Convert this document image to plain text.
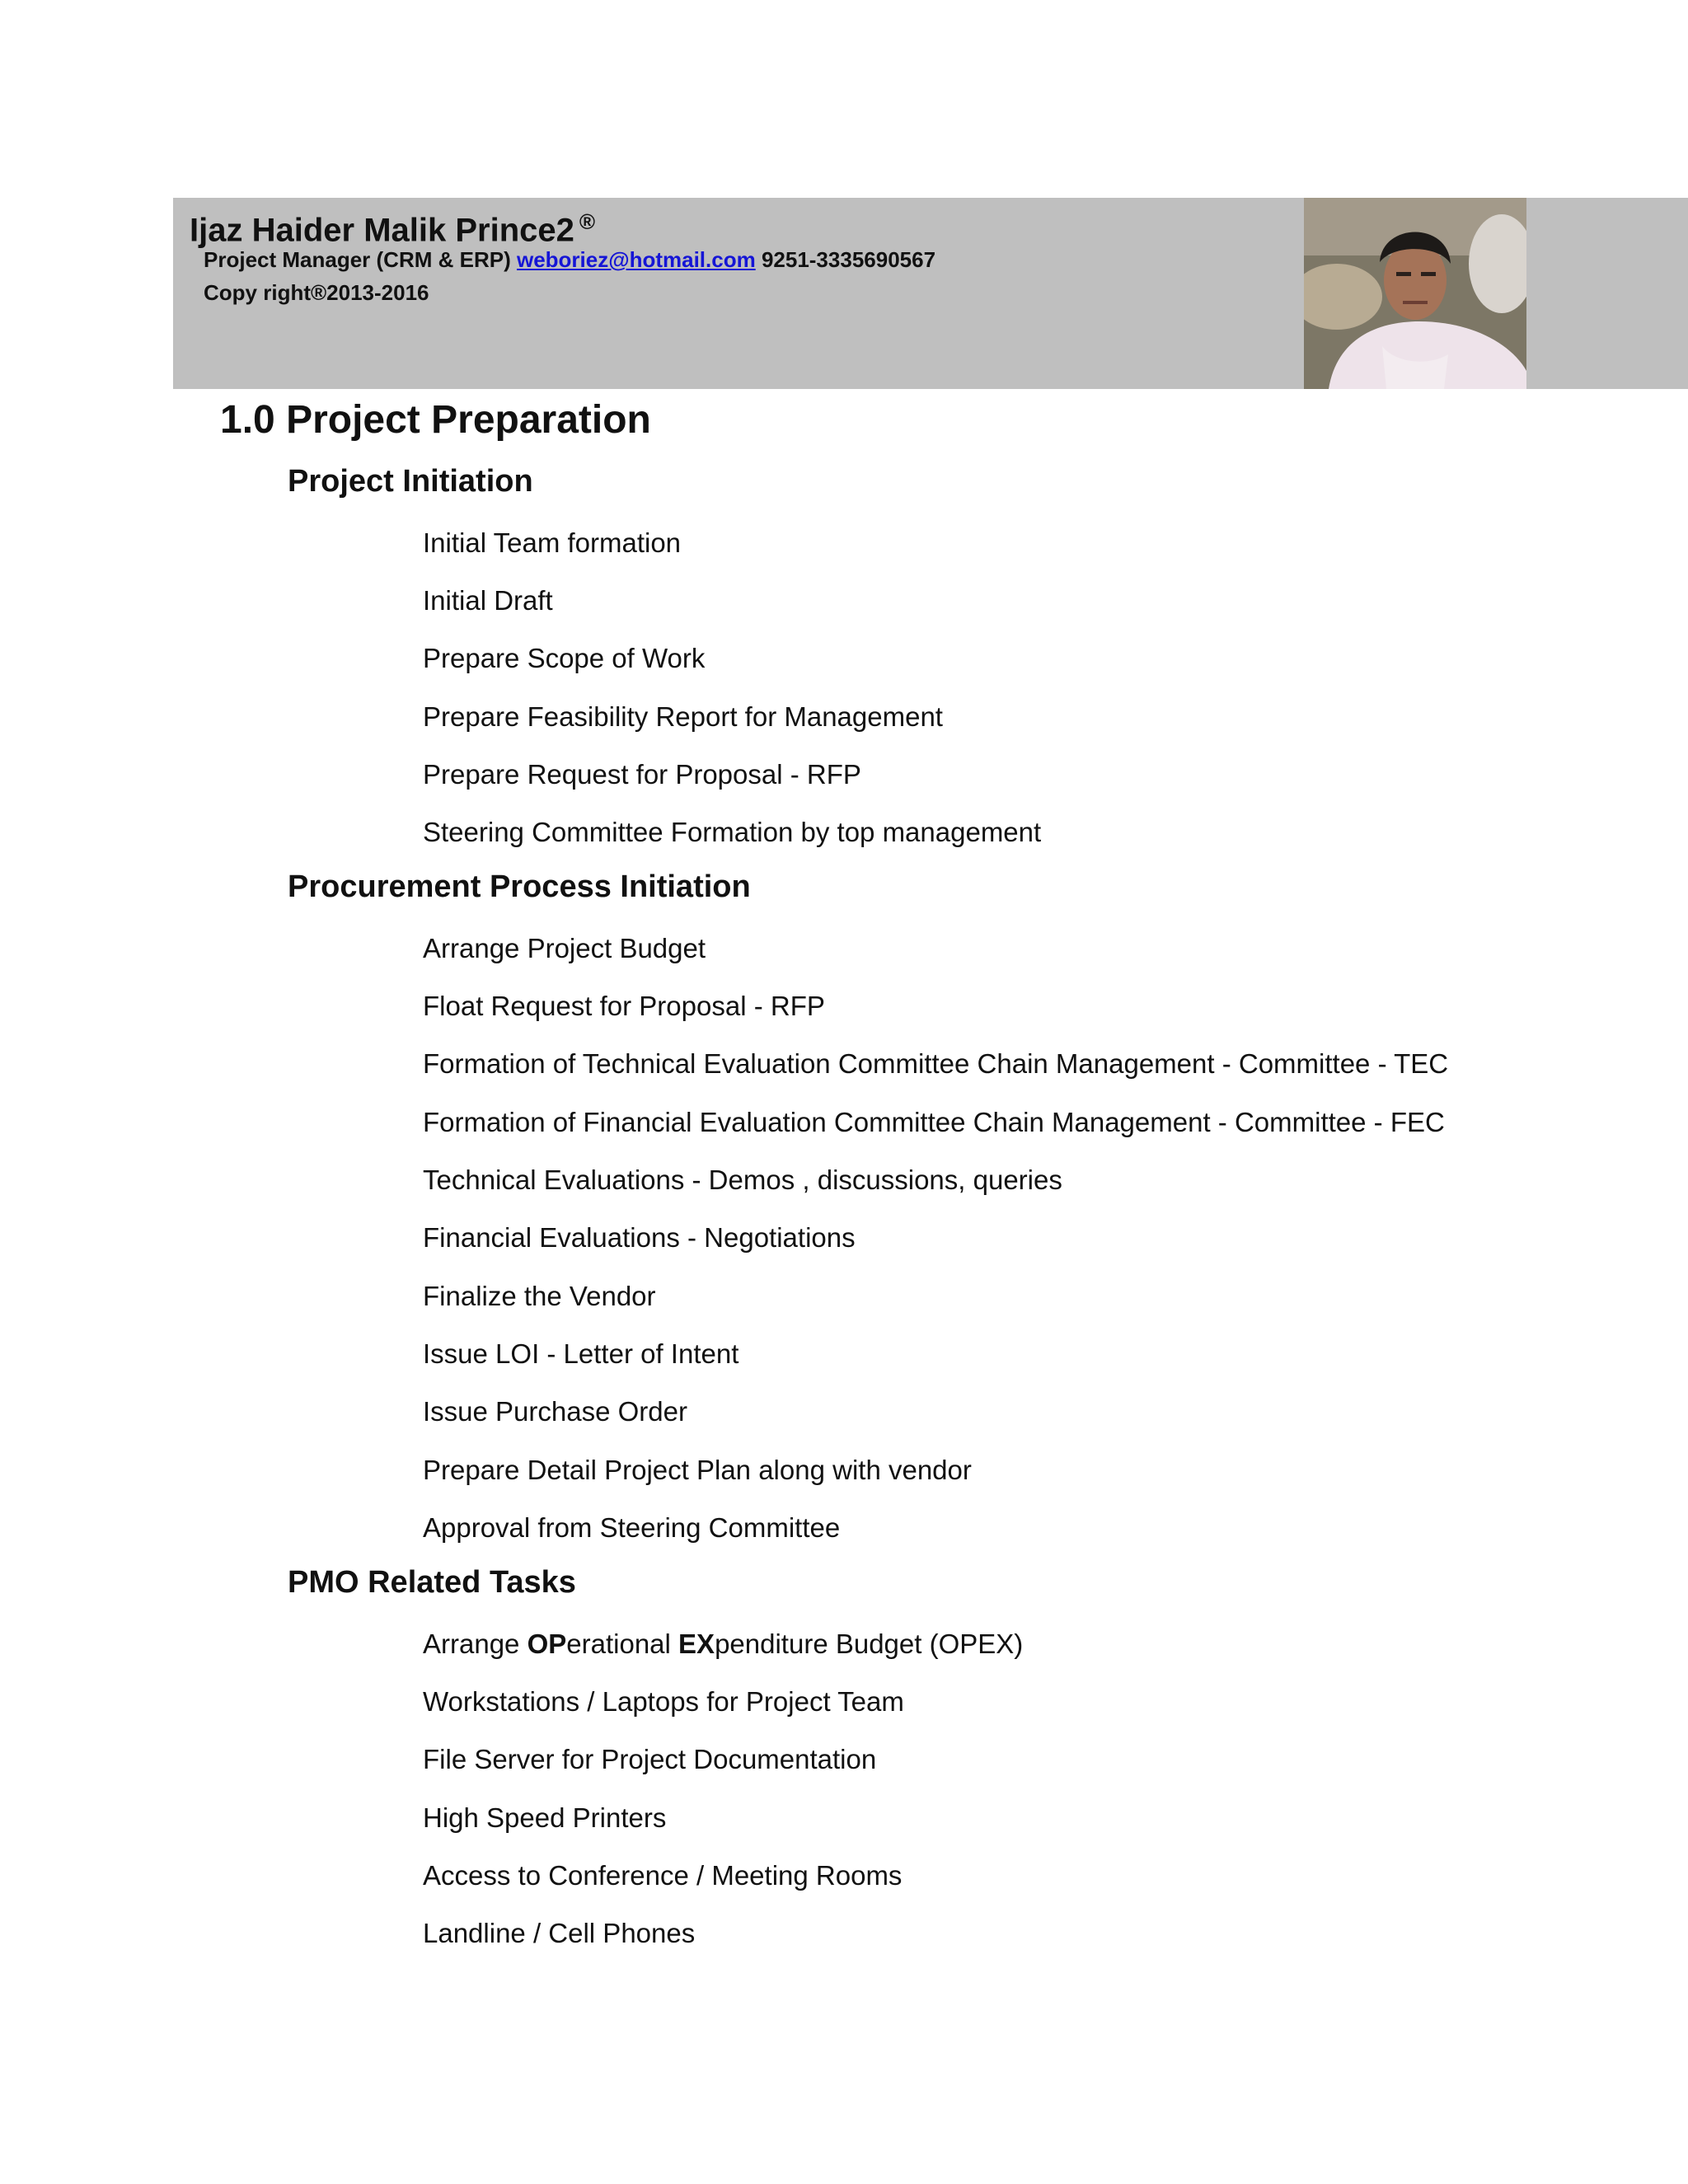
Ijaz Haider Malik Prince2 ®
Project Manager (CRM & ERP) weboriez@hotmail.com 9251-3335690567
Copy right®2013-2016
1.0 Project Preparation
Project Initiation
Initial Team formation
Initial Draft
Prepare Scope of Work
Prepare Feasibility Report for Management
Prepare Request for Proposal - RFP
Steering Committee Formation by top management
Procurement Process Initiation
Arrange Project Budget
Float Request for Proposal - RFP
Formation of Technical Evaluation Committee Chain Management - Committee - TEC
Formation of Financial Evaluation Committee Chain Management - Committee - FEC
Technical Evaluations - Demos , discussions, queries
Financial Evaluations - Negotiations
Finalize the Vendor
Issue LOI - Letter of Intent
Issue Purchase Order
Prepare Detail Project Plan along with vendor
Approval from Steering Committee
PMO Related Tasks
Arrange OPerational EXpenditure Budget (OPEX)
Workstations / Laptops for Project Team
File Server for Project Documentation
High Speed Printers
Access to Conference / Meeting Rooms
Landline / Cell Phones
